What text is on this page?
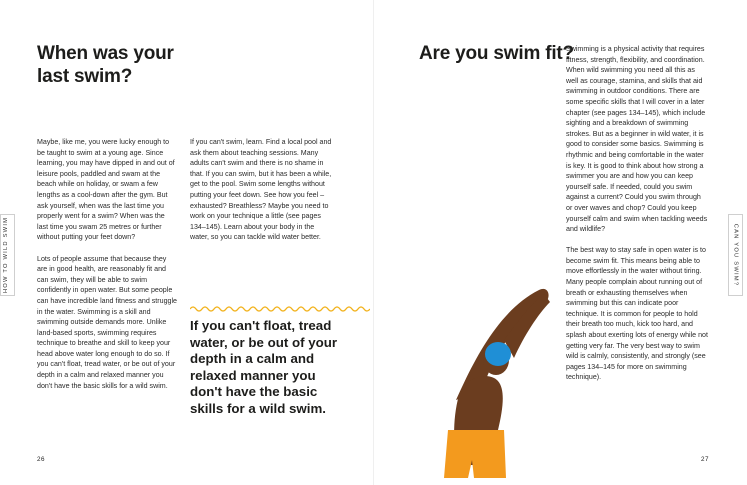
When was your last swim?

Maybe, like me, you were lucky enough to be taught to swim at a young age. Since learning, you may have dipped in and out of leisure pools, paddled and swam at the beach while on holiday, or swam a few lengths as a cool-down after the gym. But ask yourself, when was the last time you properly went for a swim? When was the last time you swam 25 metres or further without putting your feet down?

Lots of people assume that because they are in good health, are reasonably fit and can swim, they will be able to swim confidently in open water. But some people can have incredible land fitness and struggle in the water. Swimming is a skill and swimming outside demands more. Unlike land-based sports, swimming requires technique to breathe and skill to keep your head above water long enough to do so. If you can't float, tread water, or be out of your depth in a calm and relaxed manner you don't have the basic skills for a wild swim.

If you can't swim, learn. Find a local pool and ask them about teaching sessions. Many adults can't swim and there is no shame in that. If you can swim, but it has been a while, get to the pool. Swim some lengths without putting your feet down. See how you feel – exhausted? Breathless? Maybe you need to work on your technique a little (see pages 134–145). Learn about your body in the water, so you can tackle wild water better.

If you can't float, tread water, or be out of your depth in a calm and relaxed manner you don't have the basic skills for a wild swim.

HOW TO WILD SWIM
26
Are you swim fit?

Swimming is a physical activity that requires fitness, strength, flexibility, and coordination. When wild swimming you need all this as well as courage, stamina, and skills that aid swimming in outdoor conditions. There are some specific skills that I will cover in a later chapter (see pages 134–145), which include sighting and a breakdown of swimming strokes. But as a beginner in wild water, it is good to consider some basics. Swimming is rhythmic and being comfortable in the water is key. It is good to think about how strong a swimmer you are and how you can keep yourself safe. If needed, could you swim against a current? Could you swim through or over waves and chop? Could you keep yourself calm and swim when tackling weeds and wildlife?

The best way to stay safe in open water is to become swim fit. This means being able to move effortlessly in the water without tiring. Many people complain about running out of breath or exhausting themselves when swimming but this can indicate poor technique. It is common for people to hold their breath too much, kick too hard, and splash about exerting lots of energy while not getting very far. The very best way to swim wild is calmly, consistently, and strongly (see pages 134–145 for more on swimming technique).

CAN YOU SWIM?
27
